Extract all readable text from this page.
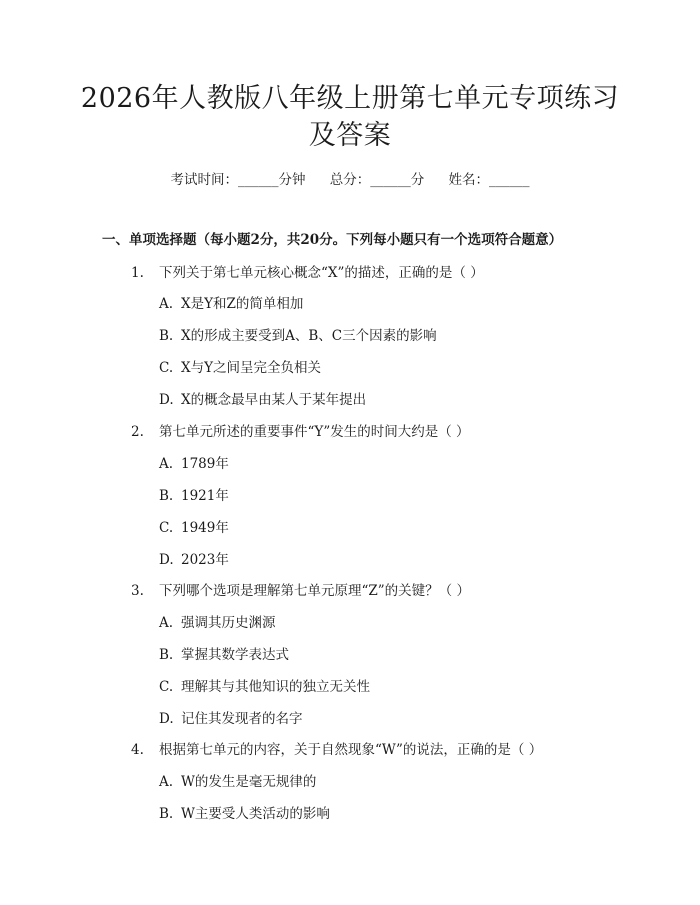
2026年人教版八年级上册第七单元专项练习及答案
考试时间：______分钟 总分：______分 姓名：______
一、单项选择题（每小题2分，共20分。下列每小题只有一个选项符合题意）
1. 下列关于第七单元核心概念“X”的描述，正确的是（ ）
A. X是Y和Z的简单相加
B. X的形成主要受到A、B、C三个因素的影响
C. X与Y之间呈完全负相关
D. X的概念最早由某人于某年提出
2. 第七单元所述的重要事件“Y”发生的时间大约是（ ）
A. 1789年
B. 1921年
C. 1949年
D. 2023年
3. 下列哪个选项是理解第七单元原理“Z”的关键？（ ）
A. 强调其历史渊源
B. 掌握其数学表达式
C. 理解其与其他知识的独立无关性
D. 记住其发现者的名字
4. 根据第七单元的内容，关于自然现象“W”的说法，正确的是（ ）
A. W的发生是毫无规律的
B. W主要受人类活动的影响
